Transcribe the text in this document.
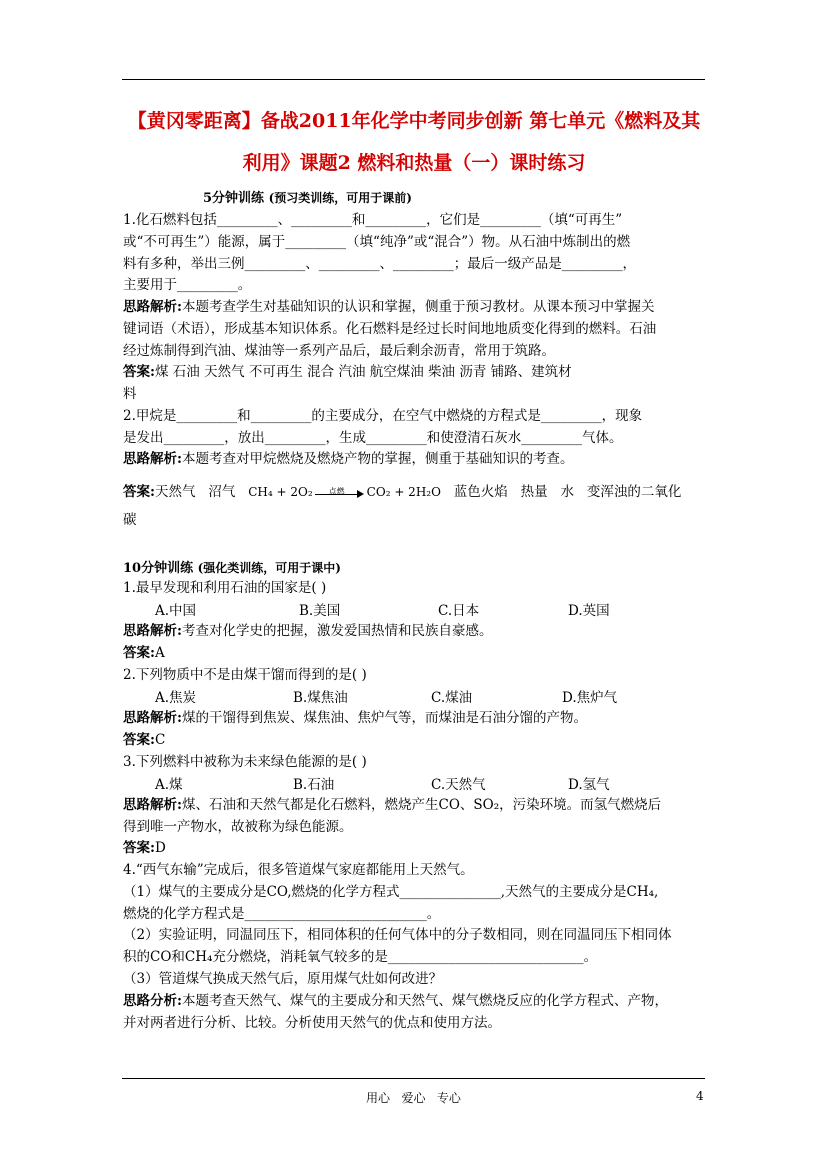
【黄冈零距离】备战2011年化学中考同步创新 第七单元《燃料及其
利用》课题2 燃料和热量（一）课时练习
5分钟训练 (预习类训练，可用于课前)
1.化石燃料包括_________、_________和_________，它们是_________（填“可再生”
或“不可再生”）能源，属于_________（填“纯净”或“混合”）物。从石油中炼制出的燃
料有多种，举出三例_________、_________、_________；最后一级产品是_________，
主要用于_________。
思路解析:本题考查学生对基础知识的认识和掌握，侧重于预习教材。从课本预习中掌握关
键词语（术语），形成基本知识体系。化石燃料是经过长时间地地质变化得到的燃料。石油
经过炼制得到汽油、煤油等一系列产品后，最后剩余沥青，常用于筑路。
答案:煤 石油 天然气 不可再生 混合 汽油 航空煤油 柴油 沥青 铺路、建筑材
料
2.甲烷是_________和_________的主要成分，在空气中燃烧的方程式是_________，现象
是发出_________，放出_________，生成_________和使澄清石灰水_________气体。
思路解析:本题考查对甲烷燃烧及燃烧产物的掌握，侧重于基础知识的考查。
答案:天然气   沼气   CH₄ + 2O₂	点燃	CO₂ + 2H₂O   蓝色火焰   热量   水   变浑浊的二氧化
碳
10分钟训练 (强化类训练，可用于课中)
1.最早发现和利用石油的国家是( )
A.中国	B.美国	C.日本	D.英国
思路解析:考查对化学史的把握，激发爱国热情和民族自豪感。
答案:A
2.下列物质中不是由煤干馏而得到的是( )
A.焦炭	B.煤焦油	C.煤油	D.焦炉气
思路解析:煤的干馏得到焦炭、煤焦油、焦炉气等，而煤油是石油分馏的产物。
答案:C
3.下列燃料中被称为未来绿色能源的是( )
A.煤	B.石油	C.天然气	D.氢气
思路解析:煤、石油和天然气都是化石燃料，燃烧产生CO、SO₂，污染环境。而氢气燃烧后
得到唯一产物水，故被称为绿色能源。
答案:D
4.“西气东输”完成后，很多管道煤气家庭都能用上天然气。
（1）煤气的主要成分是CO,燃烧的化学方程式_______________,天然气的主要成分是CH₄,
燃烧的化学方程式是___________________________。
（2）实验证明，同温同压下，相同体积的任何气体中的分子数相同，则在同温同压下相同体
积的CO和CH₄充分燃烧，消耗氧气较多的是_____________________________。
（3）管道煤气换成天然气后，原用煤气灶如何改进？
思路分析:本题考查天然气、煤气的主要成分和天然气、煤气燃烧反应的化学方程式、产物，
并对两者进行分析、比较。分析使用天然气的优点和使用方法。
用心   爱心   专心	4
